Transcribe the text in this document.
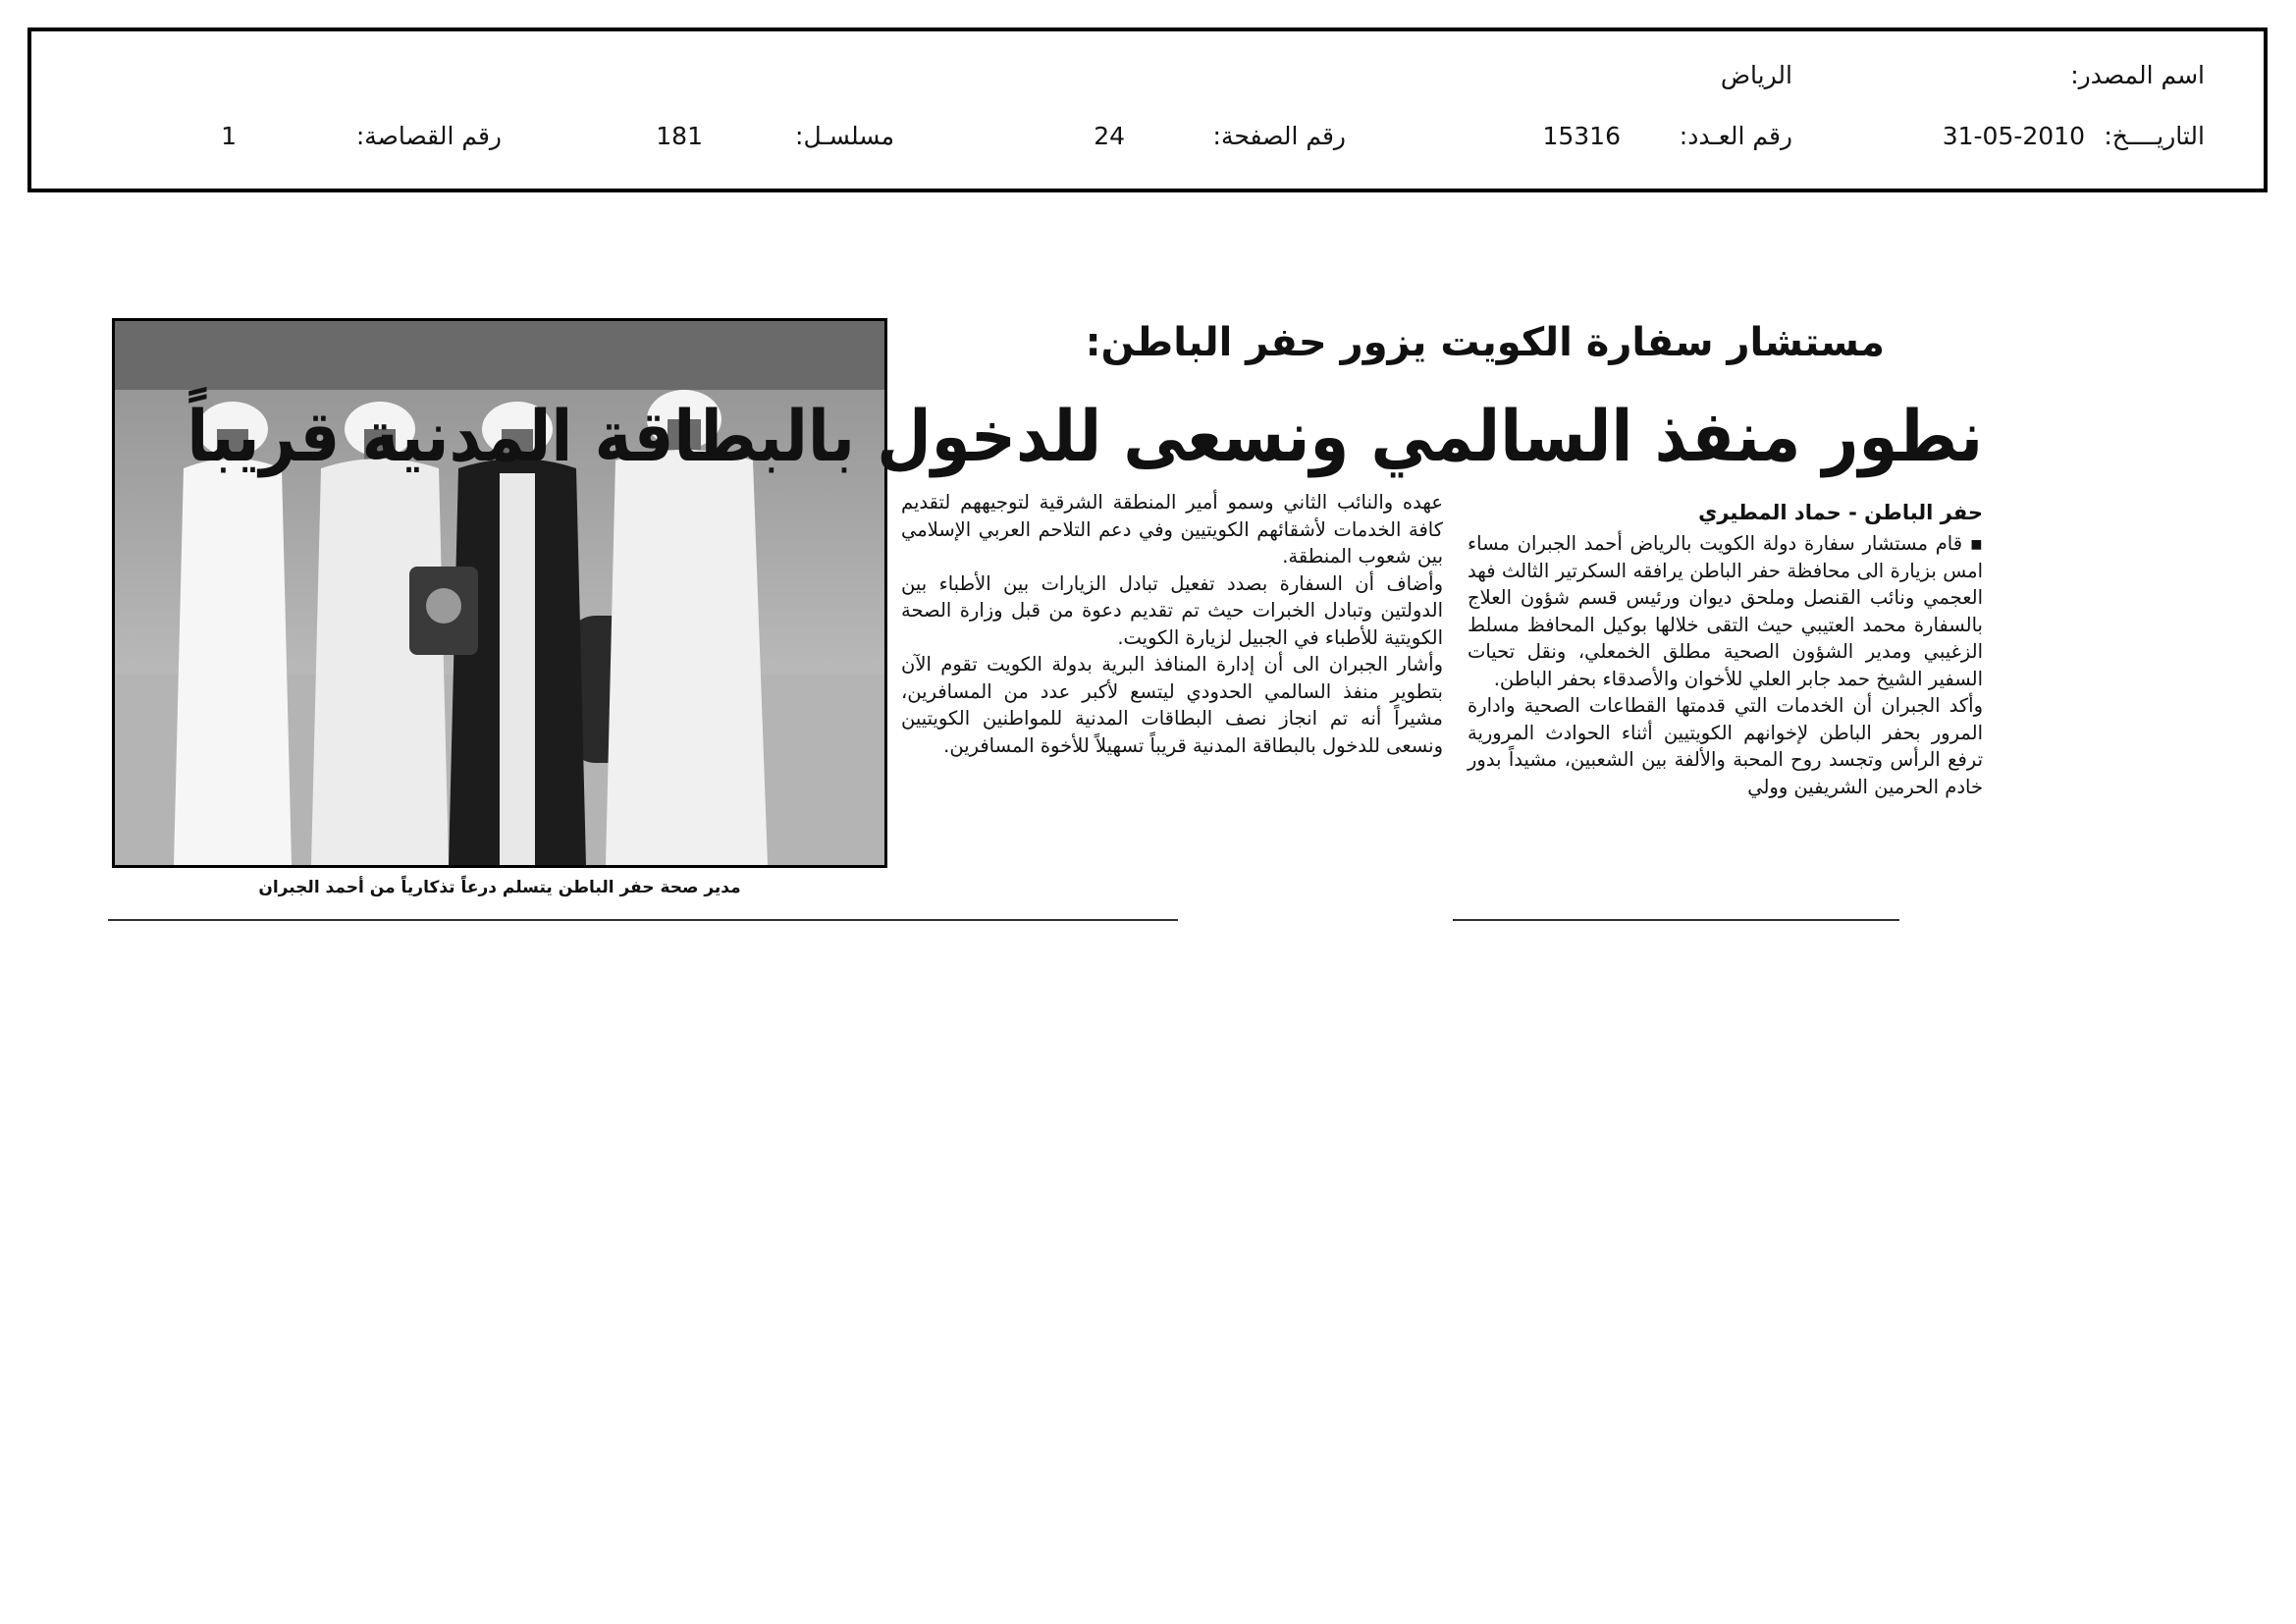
اسم المصدر:
الرياض
التاريــــخ:
31-05-2010
رقم العـدد:
15316
رقم الصفحة:
24
مسلسـل:
181
رقم القصاصة:
1
مدير صحة حفر الباطن يتسلم درعاً تذكارياً من أحمد الجبران
مستشار سفارة الكويت يزور حفر الباطن:
نطور منفذ السالمي ونسعى للدخول بالبطاقة المدنية قريباً
حفر الباطن - حماد المطيري

▪ قام مستشار سفارة دولة الكويت بالرياض أحمد الجبران مساء امس بزيارة الى محافظة حفر الباطن يرافقه السكرتير الثالث فهد العجمي ونائب القنصل وملحق ديوان ورئيس قسم شؤون العلاج بالسفارة محمد العتيبي حيث التقى خلالها بوكيل المحافظ مسلط الزغيبي ومدير الشؤون الصحية مطلق الخمعلي، ونقل تحيات السفير الشيخ حمد جابر العلي للأخوان والأصدقاء بحفر الباطن.

وأكد الجبران أن الخدمات التي قدمتها القطاعات الصحية وادارة المرور بحفر الباطن لإخوانهم الكويتيين أثناء الحوادث المرورية ترفع الرأس وتجسد روح المحبة والألفة بين الشعبين، مشيداً بدور خادم الحرمين الشريفين وولي

عهده والنائب الثاني وسمو أمير المنطقة الشرقية لتوجيههم لتقديم كافة الخدمات لأشقائهم الكويتيين وفي دعم التلاحم العربي الإسلامي بين شعوب المنطقة.

وأضاف أن السفارة بصدد تفعيل تبادل الزيارات بين الأطباء بين الدولتين وتبادل الخبرات حيث تم تقديم دعوة من قبل وزارة الصحة الكويتية للأطباء في الجبيل لزيارة الكويت.

وأشار الجبران الى أن إدارة المنافذ البرية بدولة الكويت تقوم الآن بتطوير منفذ السالمي الحدودي ليتسع لأكبر عدد من المسافرين، مشيراً أنه تم انجاز نصف البطاقات المدنية للمواطنين الكويتيين ونسعى للدخول بالبطاقة المدنية قريباً تسهيلاً للأخوة المسافرين.
